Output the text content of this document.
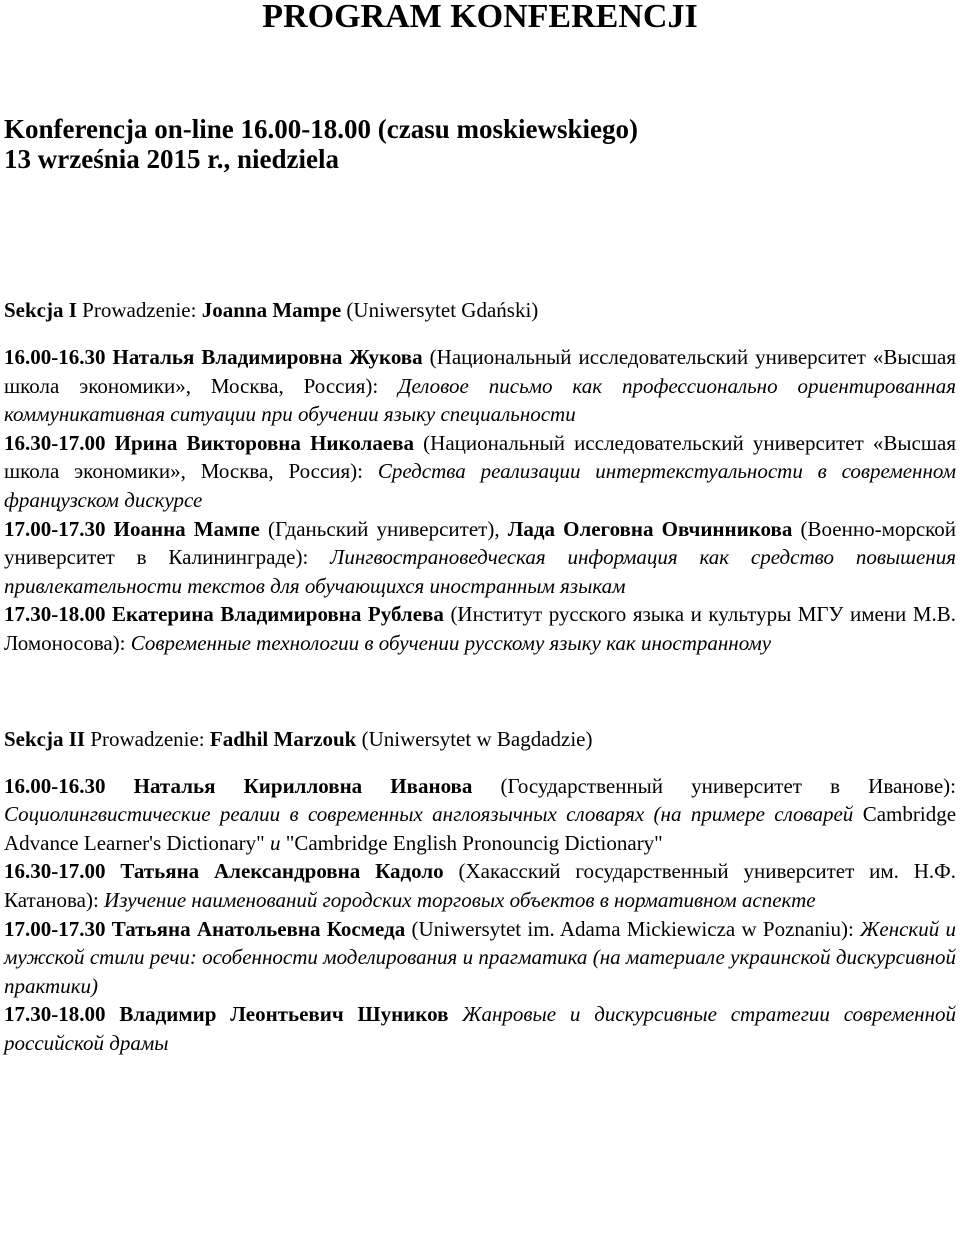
PROGRAM KONFERENCJI
Konferencja on-line 16.00-18.00 (czasu moskiewskiego)
13 września 2015 r., niedziela
Sekcja I Prowadzenie: Joanna Mampe (Uniwersytet Gdański)

16.00-16.30 Наталья Владимировна Жукова (Национальный исследовательский университет «Высшая школа экономики», Москва, Россия): Деловое письмо как профессионально ориентированная коммуникативная ситуации при обучении языку специальности

16.30-17.00 Ирина Викторовна Николаева (Национальный исследовательский университет «Высшая школа экономики», Москва, Россия): Средства реализации интертекстуальности в современном французском дискурсе

17.00-17.30 Иоанна Мампе (Гданьский университет), Лада Олеговна Овчинникова (Военно-морской университет в Калининграде): Лингвострановедческая информация как средство повышения привлекательности текстов для обучающихся иностранным языкам

17.30-18.00 Екатерина Владимировна Рублева (Институт русского языка и культуры МГУ имени М.В. Ломоносова): Современные технологии в обучении русскому языку как иностранному

Sekcja II Prowadzenie: Fadhil Marzouk (Uniwersytet w Bagdadzie)

16.00-16.30 Наталья Кирилловна Иванова (Государственный университет в Иванове): Социолингвистические реалии в современных англоязычных словарях (на примере словарей Cambridge Advance Learner's Dictionary" и "Cambridge English Pronouncig Dictionary"

16.30-17.00 Татьяна Александровна Кадоло (Хакасский государственный университет им. Н.Ф. Катанова): Изучение наименований городских торговых объектов в нормативном аспекте

17.00-17.30 Татьяна Анатольевна Космеда (Uniwersytet im. Adama Mickiewicza w Poznaniu): Женский и мужской стили речи: особенности моделирования и прагматика (на материале украинской дискурсивной практики)

17.30-18.00 Владимир Леонтьевич Шуников Жанровые и дискурсивные стратегии современной российской драмы
